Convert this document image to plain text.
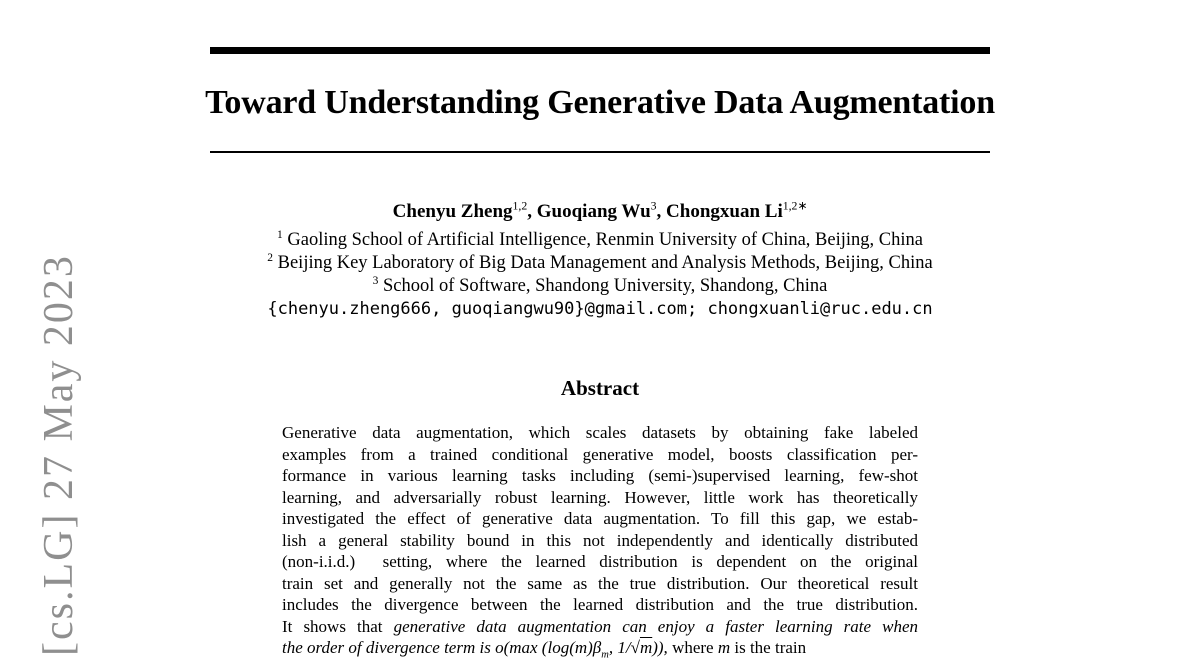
[cs.LG] 27 May 2023
Toward Understanding Generative Data Augmentation
Chenyu Zheng$^{1,2}$, Guoqiang Wu$^3$, Chongxuan $Li^{1,2∗}$
$^1$ Gaoling School of Artificial Intelligence, Renmin University of China, Beijing, China
$^2$ Beijing Key Laboratory of Big Data Management and Analysis Methods, Beijing, China
$^3$ School of Software, Shandong University, Shandong, China
{chenyu.zheng666, guoqiangwu90}@gmail.com; chongxuanli@ruc.edu.cn
Abstract
Generative data augmentation, which scales datasets by obtaining fake labeled
examples from a trained conditional generative model, boosts classification per-
formance in various learning tasks including (semi-)supervised learning, few-shot
learning, and adversarially robust learning. However, little work has theoretically
investigated the effect of generative data augmentation. To fill this gap, we estab-
lish a general stability bound in this not independently and identically distributed
(non-i.i.d.)  setting, where the learned distribution is dependent on the original
train set and generally not the same as the true distribution. Our theoretical result
includes the divergence between the learned distribution and the true distribution.
It shows that generative data augmentation can enjoy a faster learning rate when
the order of divergence term is o(max ($\log(m)\beta_m$, 1/√m)), where m is the train
